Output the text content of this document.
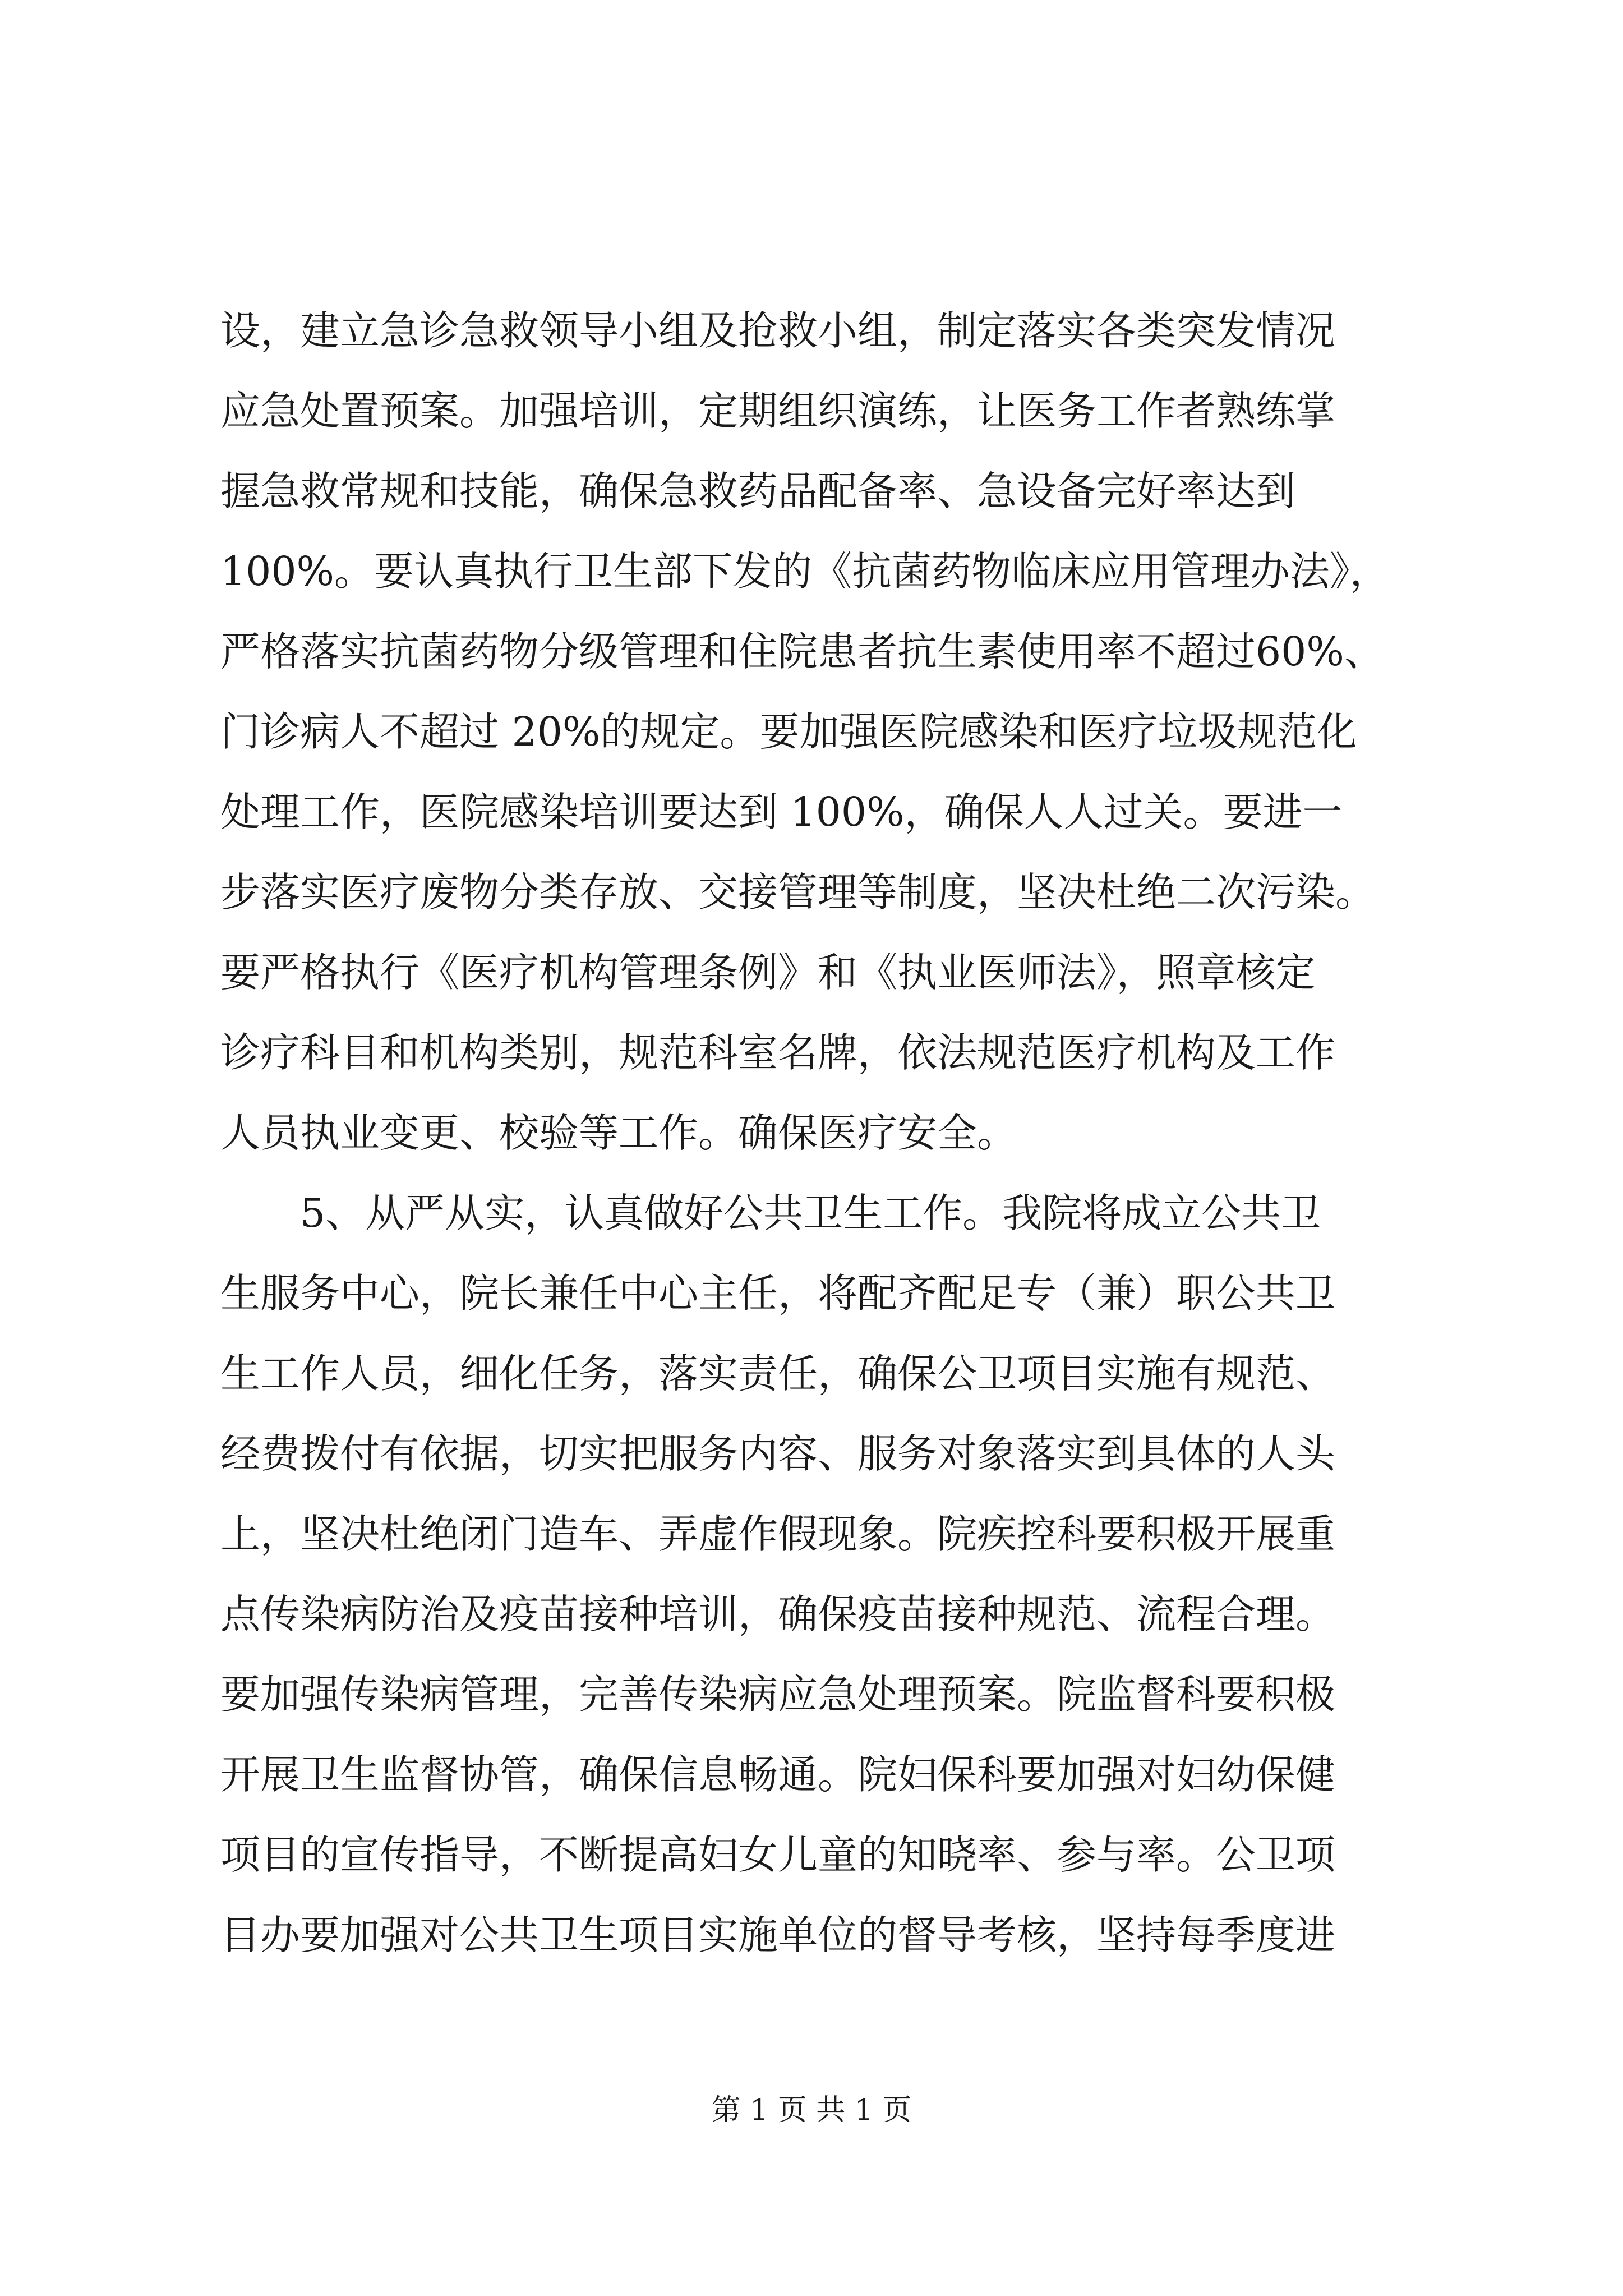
设，建立急诊急救领导小组及抢救小组，制定落实各类突发情况
应急处置预案。加强培训，定期组织演练，让医务工作者熟练掌
握急救常规和技能，确保急救药品配备率、急设备完好率达到
100%。要认真执行卫生部下发的《抗菌药物临床应用管理办法》，
严格落实抗菌药物分级管理和住院患者抗生素使用率不超过60%、
门诊病人不超过 20%的规定。要加强医院感染和医疗垃圾规范化
处理工作，医院感染培训要达到 100%，确保人人过关。要进一
步落实医疗废物分类存放、交接管理等制度，坚决杜绝二次污染。
要严格执行《医疗机构管理条例》和《执业医师法》，照章核定
诊疗科目和机构类别，规范科室名牌，依法规范医疗机构及工作
人员执业变更、校验等工作。确保医疗安全。
　　5、从严从实，认真做好公共卫生工作。我院将成立公共卫
生服务中心，院长兼任中心主任，将配齐配足专（兼）职公共卫
生工作人员，细化任务，落实责任，确保公卫项目实施有规范、
经费拨付有依据，切实把服务内容、服务对象落实到具体的人头
上，坚决杜绝闭门造车、弄虚作假现象。院疾控科要积极开展重
点传染病防治及疫苗接种培训，确保疫苗接种规范、流程合理。
要加强传染病管理，完善传染病应急处理预案。院监督科要积极
开展卫生监督协管，确保信息畅通。院妇保科要加强对妇幼保健
项目的宣传指导，不断提高妇女儿童的知晓率、参与率。公卫项
目办要加强对公共卫生项目实施单位的督导考核，坚持每季度进
第 1 页 共 1 页
